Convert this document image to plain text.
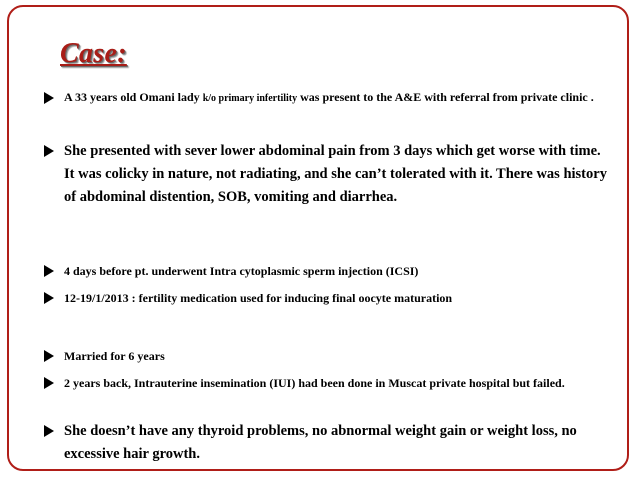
Case:
A 33 years old Omani lady k/o primary infertility was present to the A&E with referral from private clinic .
She presented with sever lower abdominal pain from 3 days which get worse with time. It was colicky in nature, not radiating, and she can’t tolerated with it. There was history of abdominal distention, SOB, vomiting and diarrhea.
4 days before pt. underwent Intra cytoplasmic sperm injection (ICSI)
12-19/1/2013 : fertility medication used for inducing final oocyte maturation
Married for 6 years
2 years back, Intrauterine insemination (IUI) had been done in Muscat private hospital but failed.
She doesn’t have any thyroid problems, no abnormal weight gain or weight loss, no excessive hair growth.
